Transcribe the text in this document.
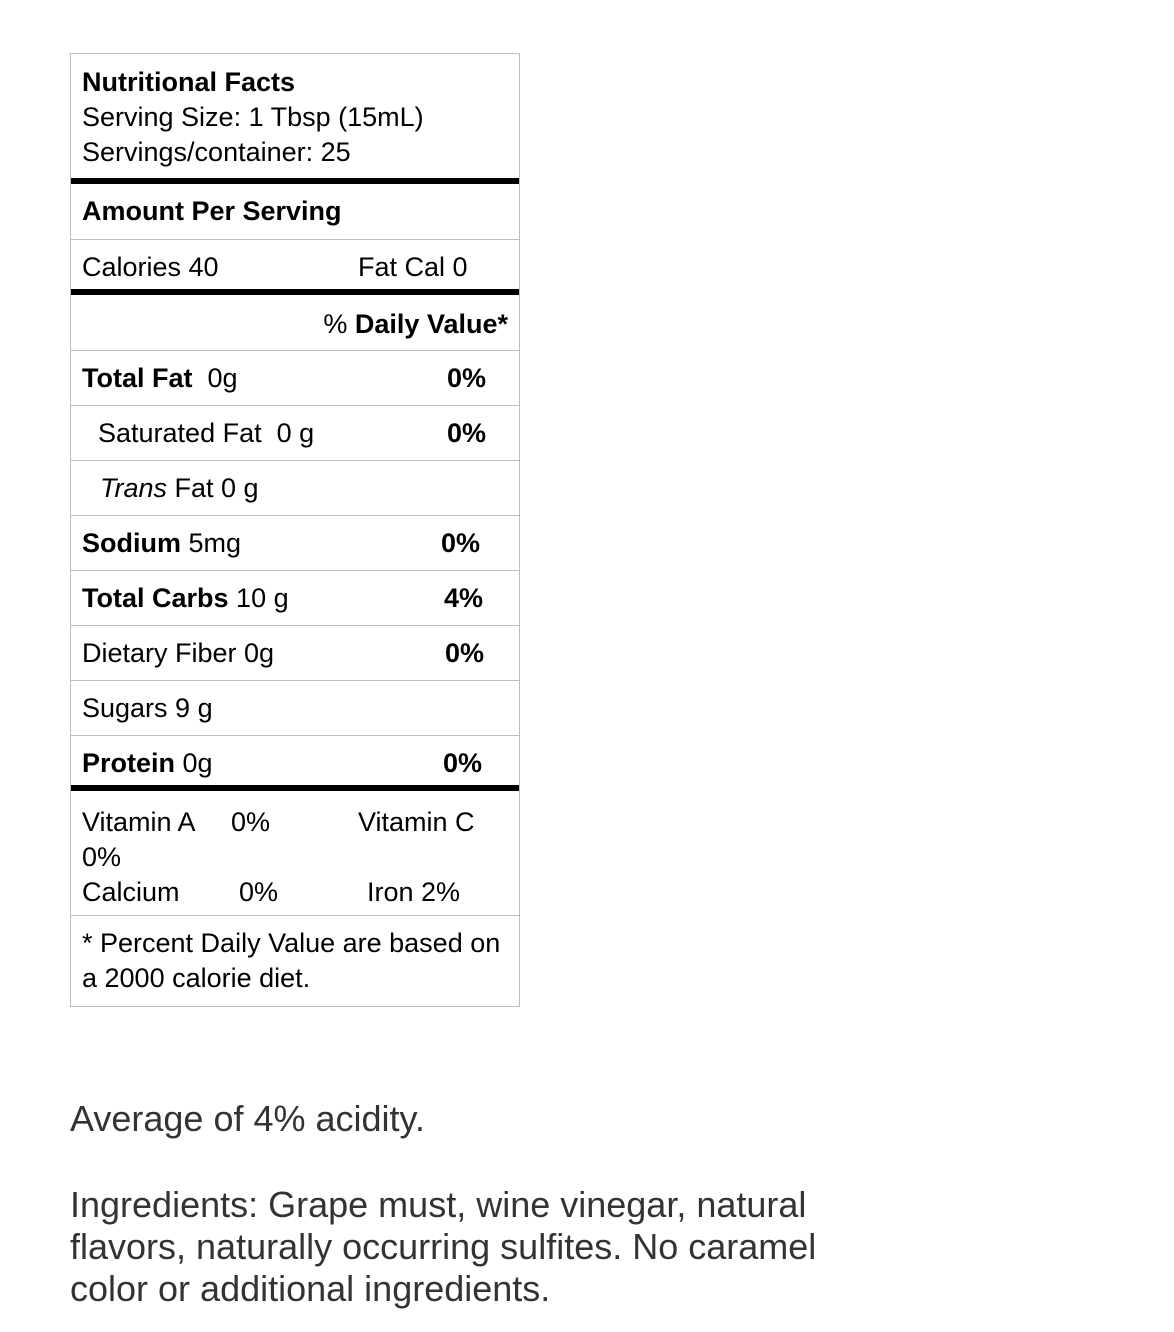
Nutritional Facts
Serving Size: 1 Tbsp (15mL)
Servings/container: 25
Amount Per Serving
Calories 40	Fat Cal 0
% Daily Value*
Total Fat 0g	0%
Saturated Fat  0 g	0%
Trans Fat 0 g
Sodium 5mg	0%
Total Carbs 10 g	4%
Dietary Fiber 0g	0%
Sugars 9 g
Protein 0g	0%
Vitamin A 0%	Vitamin C
0%
Calcium 0%	Iron 2%
* Percent Daily Value are based on a 2000 calorie diet.
Average of 4% acidity.
Ingredients: Grape must, wine vinegar, natural flavors, naturally occurring sulfites. No caramel color or additional ingredients.
